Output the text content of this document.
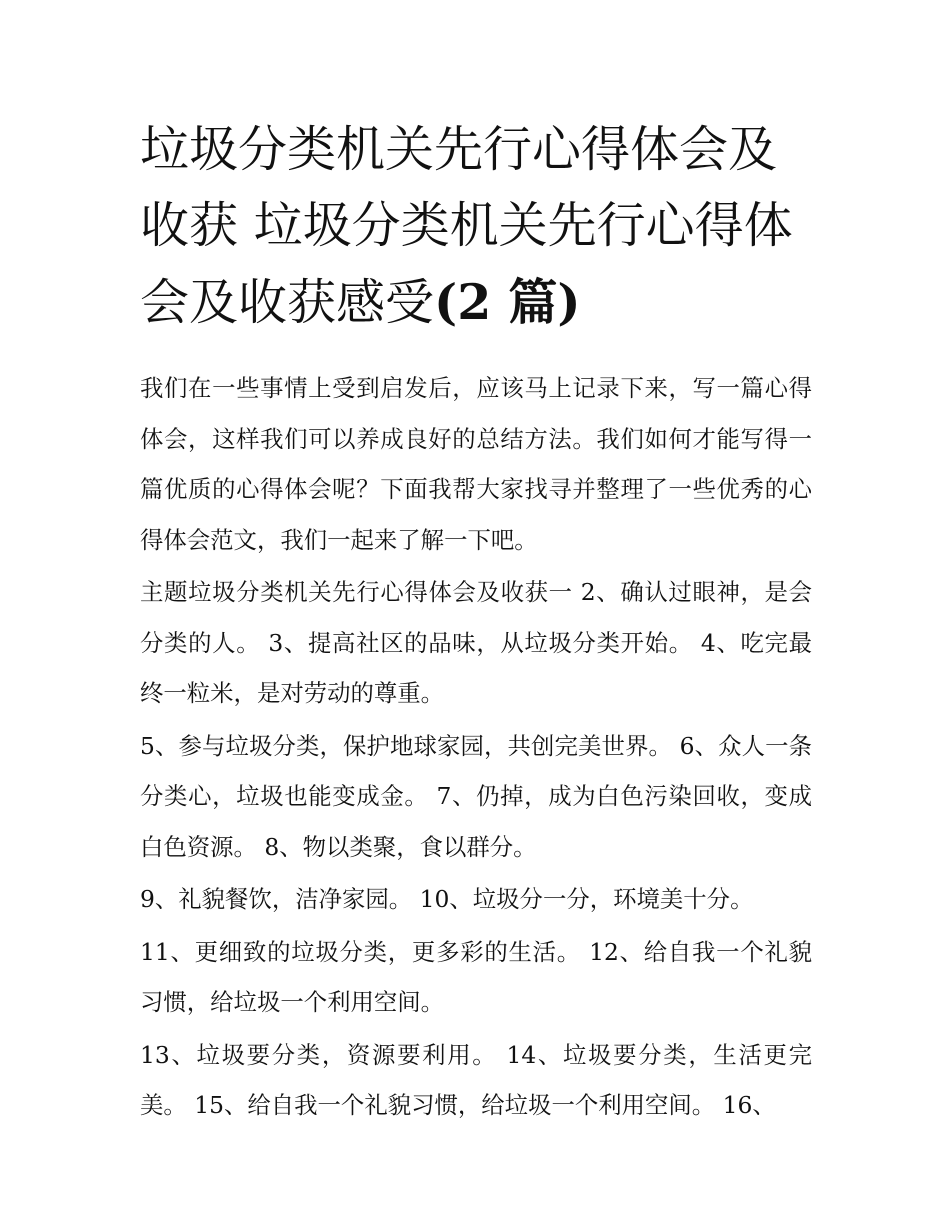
垃圾分类机关先行心得体会及收获 垃圾分类机关先行心得体会及收获感受(2 篇)

我们在一些事情上受到启发后，应该马上记录下来，写一篇心得体会，这样我们可以养成良好的总结方法。我们如何才能写得一篇优质的心得体会呢？下面我帮大家找寻并整理了一些优秀的心得体会范文，我们一起来了解一下吧。

主题垃圾分类机关先行心得体会及收获一 2、确认过眼神，是会分类的人。 3、提高社区的品味，从垃圾分类开始。 4、吃完最终一粒米，是对劳动的尊重。

5、参与垃圾分类，保护地球家园，共创完美世界。 6、众人一条分类心，垃圾也能变成金。 7、仍掉，成为白色污染回收，变成白色资源。 8、物以类聚，食以群分。

9、礼貌餐饮，洁净家园。 10、垃圾分一分，环境美十分。

11、更细致的垃圾分类，更多彩的生活。 12、给自我一个礼貌习惯，给垃圾一个利用空间。

13、垃圾要分类，资源要利用。 14、垃圾要分类，生活更完美。 15、给自我一个礼貌习惯，给垃圾一个利用空间。 16、
